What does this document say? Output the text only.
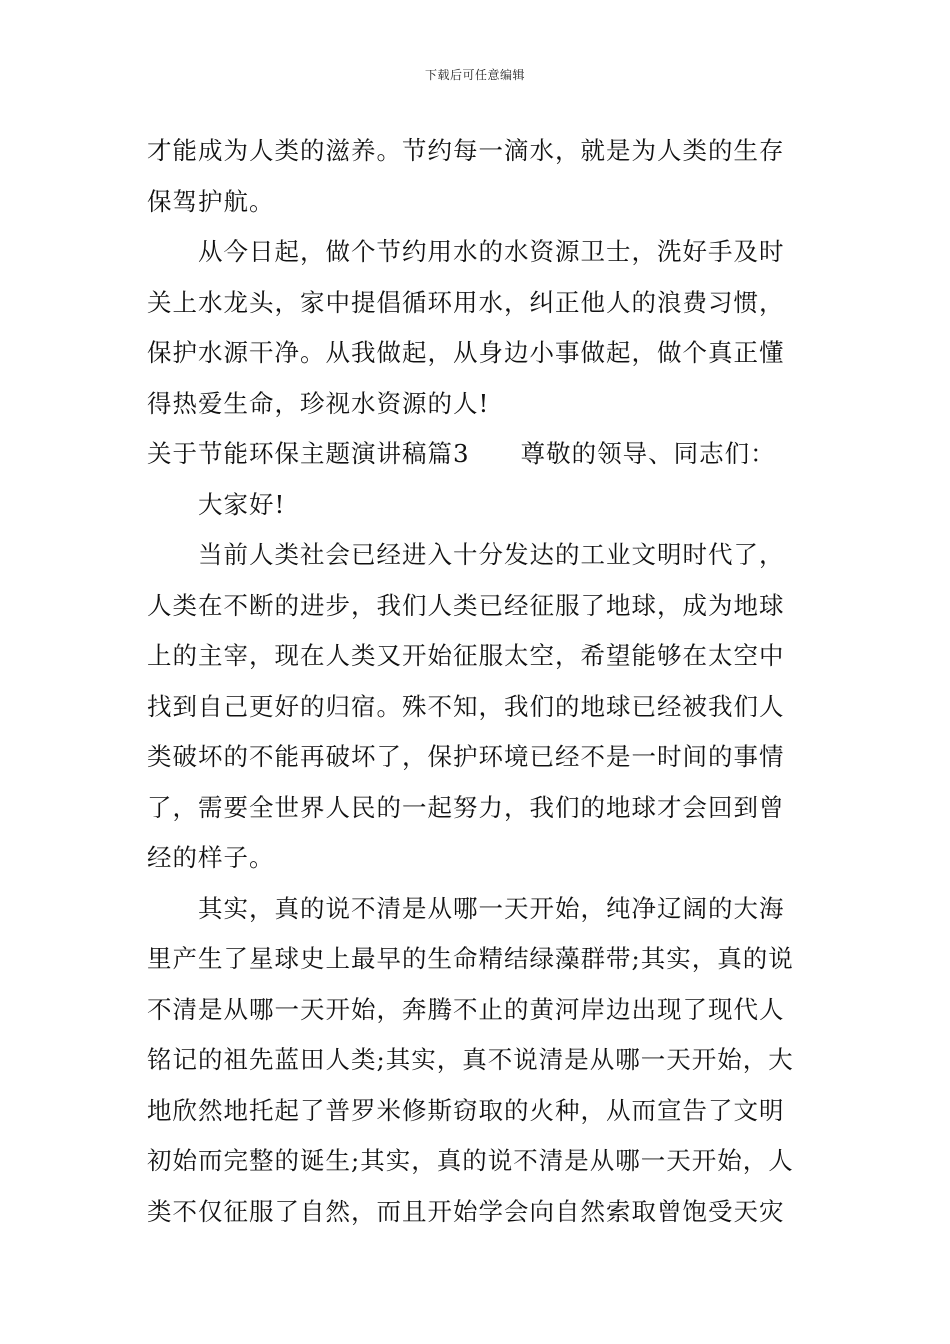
下载后可任意编辑
才能成为人类的滋养。节约每一滴水，就是为人类的生存
保驾护航。
　　从今日起，做个节约用水的水资源卫士，洗好手及时
关上水龙头，家中提倡循环用水，纠正他人的浪费习惯，
保护水源干净。从我做起，从身边小事做起，做个真正懂
得热爱生命，珍视水资源的人!
关于节能环保主题演讲稿篇3　　尊敬的领导、同志们：
　　大家好!
　　当前人类社会已经进入十分发达的工业文明时代了，
人类在不断的进步，我们人类已经征服了地球，成为地球
上的主宰，现在人类又开始征服太空，希望能够在太空中
找到自己更好的归宿。殊不知，我们的地球已经被我们人
类破坏的不能再破坏了，保护环境已经不是一时间的事情
了，需要全世界人民的一起努力，我们的地球才会回到曾
经的样子。
　　其实，真的说不清是从哪一天开始，纯净辽阔的大海
里产生了星球史上最早的生命精结绿藻群带;其实，真的说
不清是从哪一天开始，奔腾不止的黄河岸边出现了现代人
铭记的祖先蓝田人类;其实，真不说清是从哪一天开始，大
地欣然地托起了普罗米修斯窃取的火种，从而宣告了文明
初始而完整的诞生;其实，真的说不清是从哪一天开始，人
类不仅征服了自然，而且开始学会向自然索取曾饱受天灾
